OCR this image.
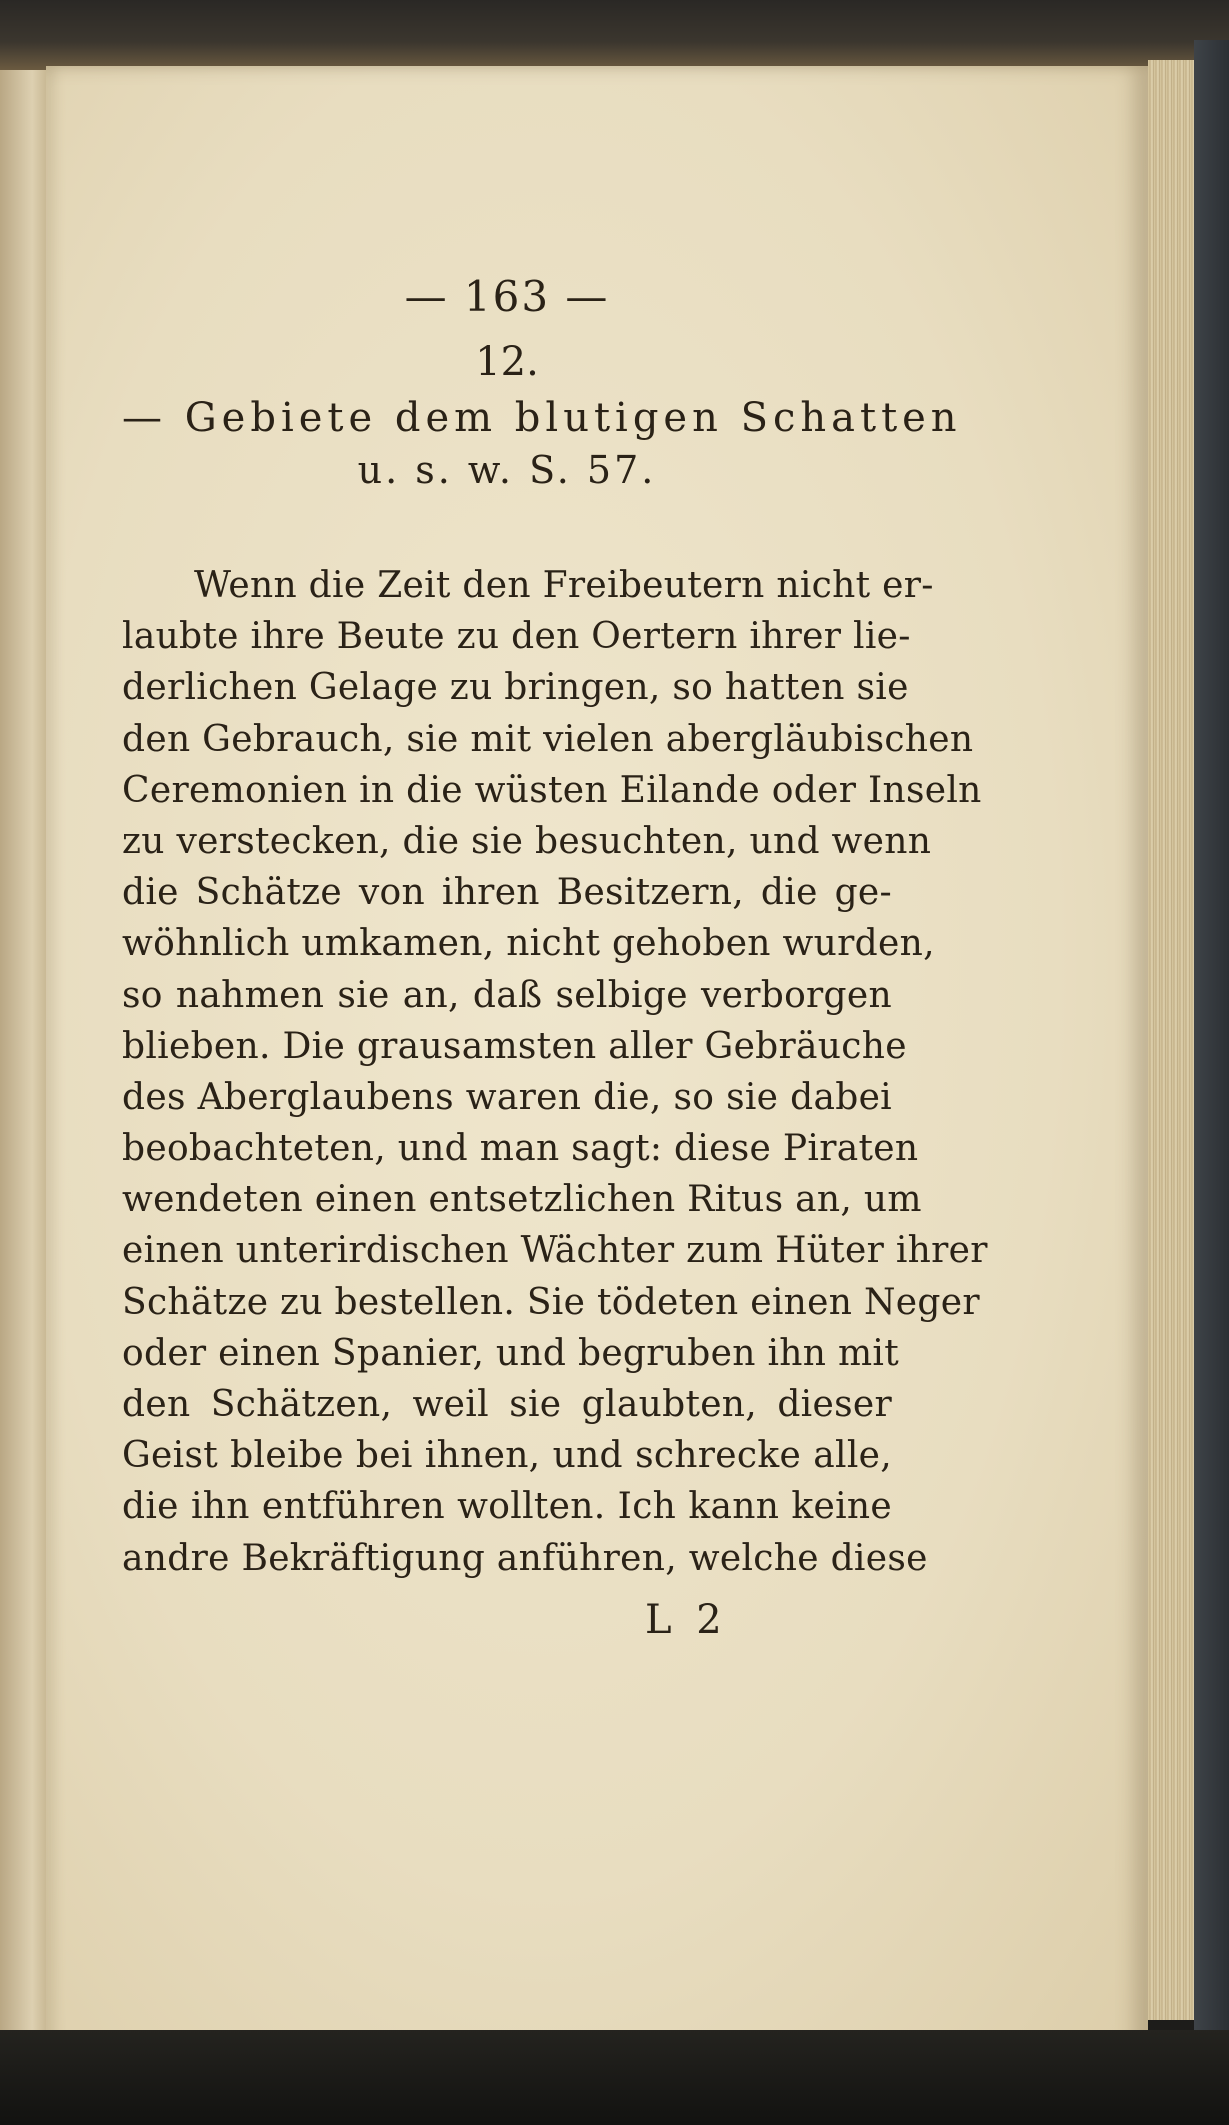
— 163 —

12.

— Gebiete dem blutigen Schatten

u. s. w. S. 57.

Wenn die Zeit den Freibeutern nicht er-
laubte ihre Beute zu den Oertern ihrer lie-
derlichen Gelage zu bringen, so hatten sie
den Gebrauch, sie mit vielen abergläubischen
Ceremonien in die wüsten Eilande oder Inseln
zu verstecken, die sie besuchten, und wenn
die Schätze von ihren Besitzern, die ge-
wöhnlich umkamen, nicht gehoben wurden,
so nahmen sie an, daß selbige verborgen
blieben. Die grausamsten aller Gebräuche
des Aberglaubens waren die, so sie dabei
beobachteten, und man sagt: diese Piraten
wendeten einen entsetzlichen Ritus an, um
einen unterirdischen Wächter zum Hüter ihrer
Schätze zu bestellen. Sie tödeten einen Neger
oder einen Spanier, und begruben ihn mit
den Schätzen, weil sie glaubten, dieser
Geist bleibe bei ihnen, und schrecke alle,
die ihn entführen wollten. Ich kann keine
andre Bekräftigung anführen, welche diese
L 2
